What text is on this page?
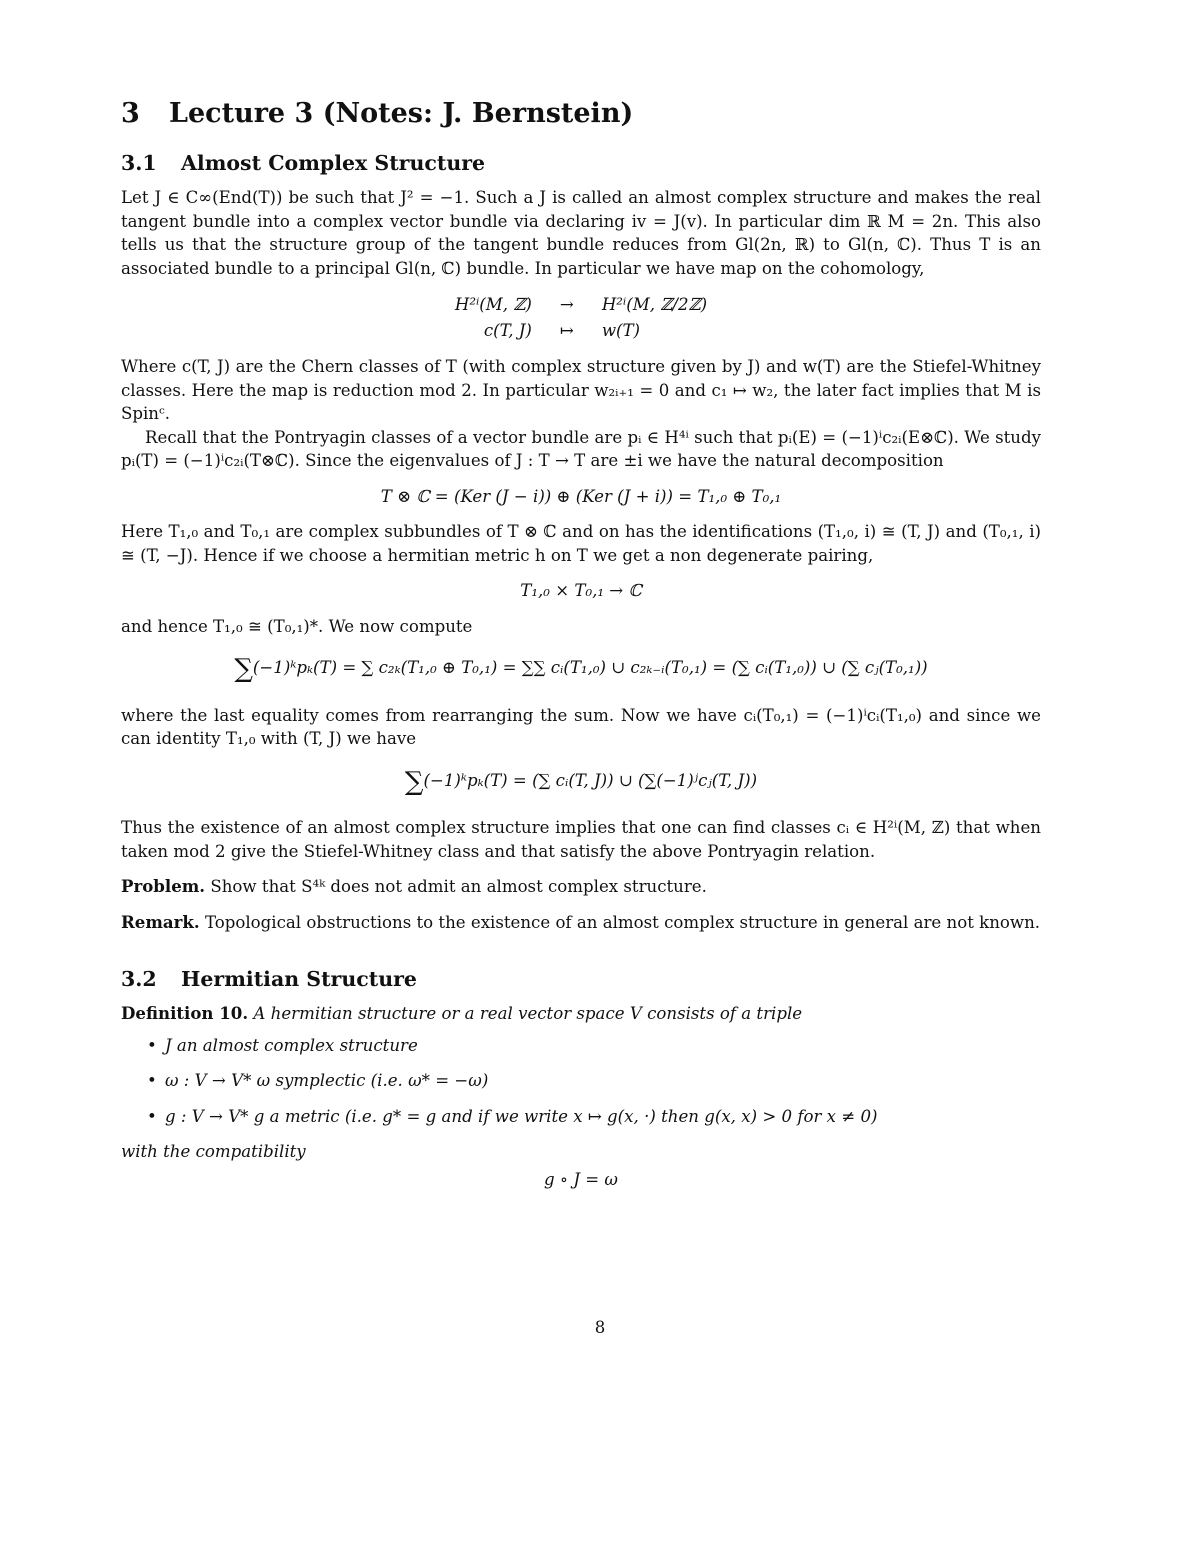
3 Lecture 3 (Notes: J. Bernstein)
3.1 Almost Complex Structure

Let J ∈ C∞(End(T)) be such that J² = −1. Such a J is called an almost complex structure and makes the real tangent bundle into a complex vector bundle via declaring iv = J(v). In particular dim ℝ M = 2n. This also tells us that the structure group of the tangent bundle reduces from Gl(2n, ℝ) to Gl(n, ℂ). Thus T is an associated bundle to a principal Gl(n, ℂ) bundle. In particular we have map on the cohomology,

H²ⁱ(M, ℤ)	→	H²ⁱ(M, ℤ/2ℤ)
c(T, J)	↦	w(T)

Where c(T, J) are the Chern classes of T (with complex structure given by J) and w(T) are the Stiefel-Whitney classes. Here the map is reduction mod 2. In particular w₂ᵢ₊₁ = 0 and c₁ ↦ w₂, the later fact implies that M is Spinᶜ.

Recall that the Pontryagin classes of a vector bundle are pᵢ ∈ H⁴ⁱ such that pᵢ(E) = (−1)ⁱc₂ᵢ(E⊗ℂ). We study pᵢ(T) = (−1)ⁱc₂ᵢ(T⊗ℂ). Since the eigenvalues of J : T → T are ±i we have the natural decomposition

T ⊗ ℂ = (Ker (J − i)) ⊕ (Ker (J + i)) = T₁,₀ ⊕ T₀,₁

Here T₁,₀ and T₀,₁ are complex subbundles of T ⊗ ℂ and on has the identifications (T₁,₀, i) ≅ (T, J) and (T₀,₁, i) ≅ (T, −J). Hence if we choose a hermitian metric h on T we get a non degenerate pairing,

T₁,₀ × T₀,₁ → ℂ

and hence T₁,₀ ≅ (T₀,₁)*. We now compute

∑(−1)ᵏpₖ(T) = ∑ c₂ₖ(T₁,₀ ⊕ T₀,₁) = ∑∑ cᵢ(T₁,₀) ∪ c₂ₖ₋ᵢ(T₀,₁) = (∑ cᵢ(T₁,₀)) ∪ (∑ cⱼ(T₀,₁))

where the last equality comes from rearranging the sum. Now we have cᵢ(T₀,₁) = (−1)ⁱcᵢ(T₁,₀) and since we can identity T₁,₀ with (T, J) we have

∑(−1)ᵏpₖ(T) = (∑ cᵢ(T, J)) ∪ (∑(−1)ʲcⱼ(T, J))

Thus the existence of an almost complex structure implies that one can find classes cᵢ ∈ H²ⁱ(M, ℤ) that when taken mod 2 give the Stiefel-Whitney class and that satisfy the above Pontryagin relation.

Problem. Show that S⁴ᵏ does not admit an almost complex structure.

Remark. Topological obstructions to the existence of an almost complex structure in general are not known.

3.2 Hermitian Structure

Definition 10. A hermitian structure or a real vector space V consists of a triple

• J an almost complex structure
• ω : V → V* ω symplectic (i.e. ω* = −ω)
• g : V → V* g a metric (i.e. g* = g and if we write x ↦ g(x, ·) then g(x, x) > 0 for x ≠ 0)

with the compatibility

g ∘ J = ω
8
